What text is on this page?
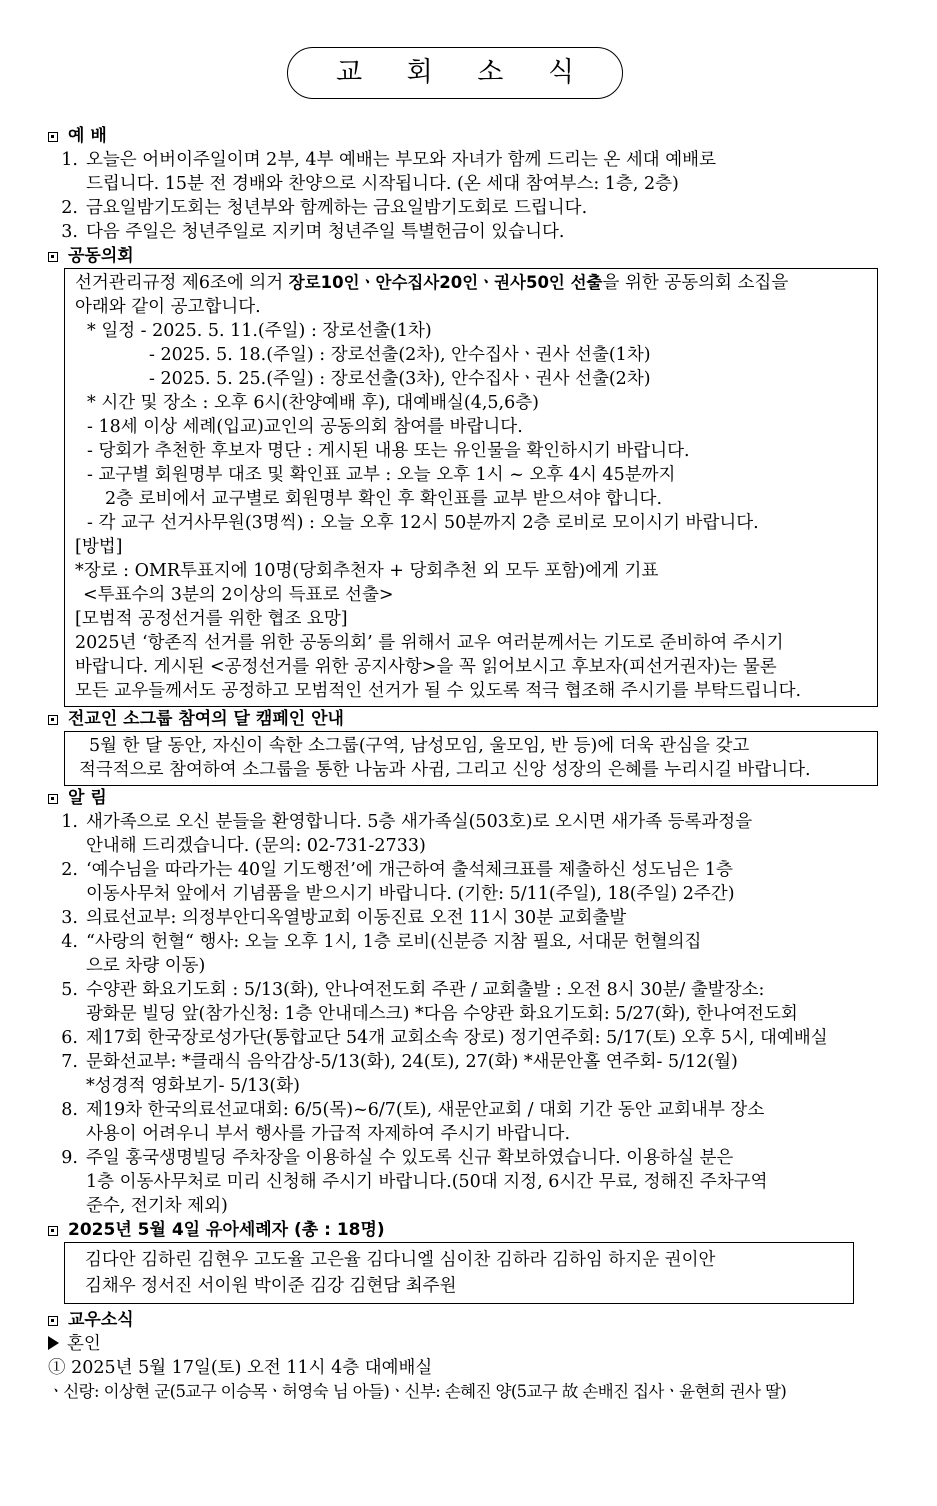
교 회 소 식
예 배
1. 오늘은 어버이주일이며 2부, 4부 예배는 부모와 자녀가 함께 드리는 온 세대 예배로
드립니다. 15분 전 경배와 찬양으로 시작됩니다. (온 세대 참여부스: 1층, 2층)
2. 금요일밤기도회는 청년부와 함께하는 금요일밤기도회로 드립니다.
3. 다음 주일은 청년주일로 지키며 청년주일 특별헌금이 있습니다.
공동의회
선거관리규정 제6조에 의거 장로10인ㆍ안수집사20인ㆍ권사50인 선출을 위한 공동의회 소집을
아래와 같이 공고합니다.
* 일정 - 2025. 5. 11.(주일) : 장로선출(1차)
- 2025. 5. 18.(주일) : 장로선출(2차), 안수집사ㆍ권사 선출(1차)
- 2025. 5. 25.(주일) : 장로선출(3차), 안수집사ㆍ권사 선출(2차)
* 시간 및 장소 : 오후 6시(찬양예배 후), 대예배실(4,5,6층)
- 18세 이상 세례(입교)교인의 공동의회 참여를 바랍니다.
- 당회가 추천한 후보자 명단 : 게시된 내용 또는 유인물을 확인하시기 바랍니다.
- 교구별 회원명부 대조 및 확인표 교부 : 오늘 오후 1시 ~ 오후 4시 45분까지
2층 로비에서 교구별로 회원명부 확인 후 확인표를 교부 받으셔야 합니다.
- 각 교구 선거사무원(3명씩) : 오늘 오후 12시 50분까지 2층 로비로 모이시기 바랍니다.
[방법]
*장로 : OMR투표지에 10명(당회추천자 + 당회추천 외 모두 포함)에게 기표
<투표수의 3분의 2이상의 득표로 선출>
[모범적 공정선거를 위한 협조 요망]
2025년 ‘항존직 선거를 위한 공동의회’ 를 위해서 교우 여러분께서는 기도로 준비하여 주시기
바랍니다. 게시된 <공정선거를 위한 공지사항>을 꼭 읽어보시고 후보자(피선거권자)는 물론
모든 교우들께서도 공정하고 모범적인 선거가 될 수 있도록 적극 협조해 주시기를 부탁드립니다.
전교인 소그룹 참여의 달 캠페인 안내
5월 한 달 동안, 자신이 속한 소그룹(구역, 남성모임, 울모임, 반 등)에 더욱 관심을 갖고
적극적으로 참여하여 소그룹을 통한 나눔과 사귐, 그리고 신앙 성장의 은혜를 누리시길 바랍니다.
알 림
1. 새가족으로 오신 분들을 환영합니다. 5층 새가족실(503호)로 오시면 새가족 등록과정을
안내해 드리겠습니다. (문의: 02-731-2733)
2. ‘예수님을 따라가는 40일 기도행전’에 개근하여 출석체크표를 제출하신 성도님은 1층
이동사무처 앞에서 기념품을 받으시기 바랍니다. (기한: 5/11(주일), 18(주일) 2주간)
3. 의료선교부: 의정부안디옥열방교회 이동진료 오전 11시 30분 교회출발
4. “사랑의 헌혈“ 행사: 오늘 오후 1시, 1층 로비(신분증 지참 필요, 서대문 헌혈의집
으로 차량 이동)
5. 수양관 화요기도회 : 5/13(화), 안나여전도회 주관 / 교회출발 : 오전 8시 30분/ 출발장소:
광화문 빌딩 앞(참가신청: 1층 안내데스크) *다음 수양관 화요기도회: 5/27(화), 한나여전도회
6. 제17회 한국장로성가단(통합교단 54개 교회소속 장로) 정기연주회: 5/17(토) 오후 5시, 대예배실
7. 문화선교부: *클래식 음악감상-5/13(화), 24(토), 27(화) *새문안홀 연주회- 5/12(월)
*성경적 영화보기- 5/13(화)
8. 제19차 한국의료선교대회: 6/5(목)~6/7(토), 새문안교회 / 대회 기간 동안 교회내부 장소
사용이 어려우니 부서 행사를 가급적 자제하여 주시기 바랍니다.
9. 주일 홍국생명빌딩 주차장을 이용하실 수 있도록 신규 확보하였습니다. 이용하실 분은
1층 이동사무처로 미리 신청해 주시기 바랍니다.(50대 지정, 6시간 무료, 정해진 주차구역
준수, 전기차 제외)
2025년 5월 4일 유아세례자 (총 : 18명)
김다안 김하린 김현우 고도율 고은율 김다니엘 심이찬 김하라 김하임 하지운 권이안
김채우 정서진 서이원 박이준 김강 김현담 최주원
교우소식
혼인
① 2025년 5월 17일(토) 오전 11시 4층 대예배실
ㆍ신랑: 이상현 군(5교구 이승목ㆍ허영숙 님 아들)ㆍ신부: 손혜진 양(5교구 故 손배진 집사ㆍ윤현희 권사 딸)
